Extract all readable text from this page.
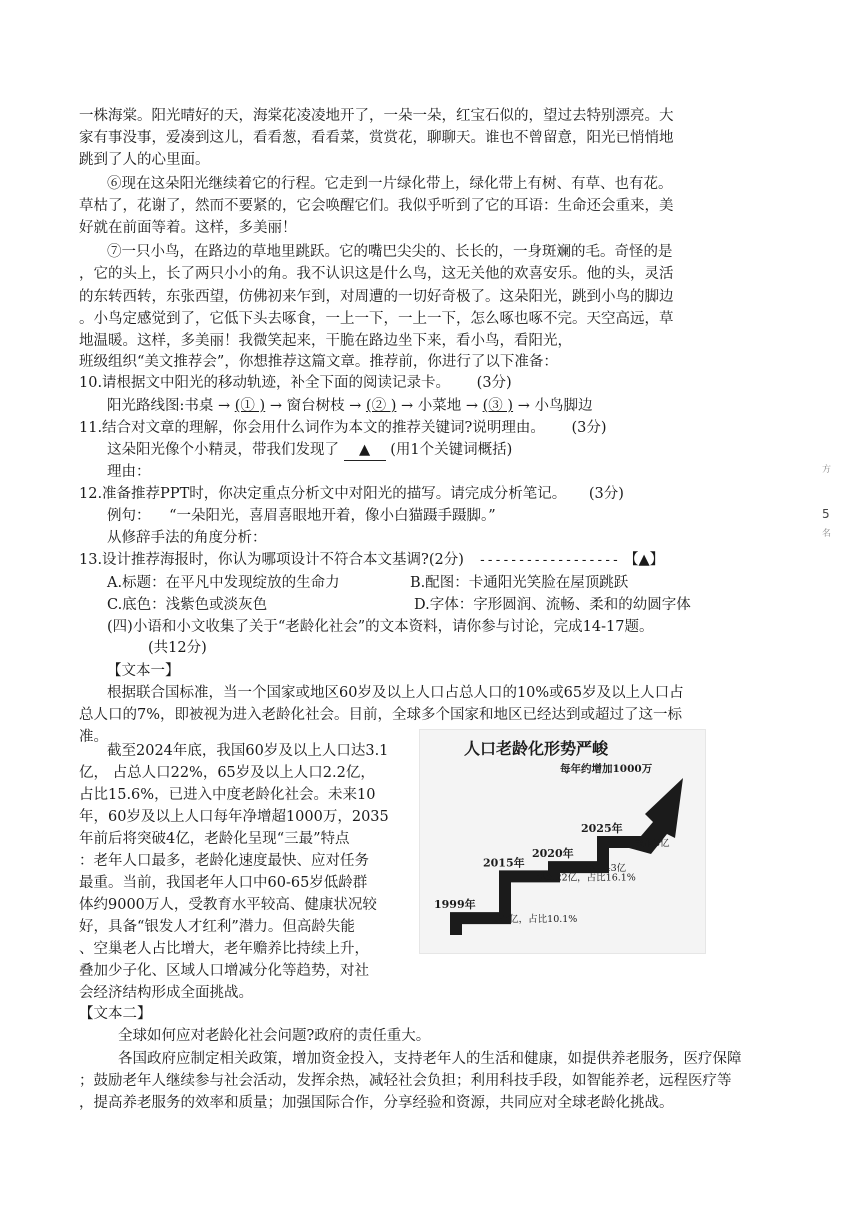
一株海棠。阳光晴好的天，海棠花凌凌地开了，一朵一朵，红宝石似的，望过去特别漂亮。大
家有事没事，爱凑到这儿，看看葱，看看菜，赏赏花，聊聊天。谁也不曾留意，阳光已悄悄地
跳到了人的心里面。
⑥现在这朵阳光继续着它的行程。它走到一片绿化带上，绿化带上有树、有草、也有花。
草枯了，花谢了，然而不要紧的，它会唤醒它们。我似乎听到了它的耳语：生命还会重来，美
好就在前面等着。这样，多美丽！
⑦一只小鸟，在路边的草地里跳跃。它的嘴巴尖尖的、长长的，一身斑斓的毛。奇怪的是
，它的头上，长了两只小小的角。我不认识这是什么鸟，这无关他的欢喜安乐。他的头，灵活
的东转西转，东张西望，仿佛初来乍到，对周遭的一切好奇极了。这朵阳光，跳到小鸟的脚边
。小鸟定感觉到了，它低下头去啄食，一上一下，一上一下，怎么啄也啄不完。天空高远，草
地温暖。这样，多美丽！我微笑起来，干脆在路边坐下来，看小鸟，看阳光，
班级组织“美文推荐会”，你想推荐这篇文章。推荐前，你进行了以下准备：
10.请根据文中阳光的移动轨迹，补全下面的阅读记录卡。 (3分)
阳光路线图:书桌 → (① ) → 窗台树枝 → (② ) → 小菜地 → (③ ) → 小鸟脚边
11.结合对文章的理解，你会用什么词作为本文的推荐关键词?说明理由。 (3分)
这朵阳光像个小精灵，带我们发现了 ▲ (用1个关键词概括)
理由：
12.准备推荐PPT时，你决定重点分析文中对阳光的描写。请完成分析笔记。 (3分)
例句： “一朵阳光，喜眉喜眼地开着，像小白猫蹑手蹑脚。”
从修辞手法的角度分析：
13.设计推荐海报时，你认为哪项设计不符合本文基调?(2分) ------------------ 【▲】
A.标题：在平凡中发现绽放的生命力	B.配图：卡通阳光笑脸在屋顶跳跃
C.底色：浅紫色或淡灰色	D.字体：字形圆润、流畅、柔和的幼圆字体
(四)小语和小文收集了关于“老龄化社会”的文本资料，请你参与讨论，完成14-17题。
(共12分)
【文本一】
根据联合国标准，当一个国家或地区60岁及以上人口占总人口的10%或65岁及以上人口占
总人口的7%，即被视为进入老龄化社会。目前，全球多个国家和地区已经达到或超过了这一标
准。
截至2024年底，我国60岁及以上人口达3.1
亿， 占总人口22%，65岁及以上人口2.2亿，
占比15.6%，已进入中度老龄化社会。未来10
年，60岁及以上人口每年净增超1000万，2035
年前后将突破4亿，老龄化呈现“三最”特点
：老年人口最多，老龄化速度最快、应对任务
最重。当前，我国老年人口中60-65岁低龄群
体约9000万人，受教育水平较高、健康状况较
好，具备“银发人才红利”潜力。但高龄失能
、空巢老人占比增大，老年赡养比持续上升，
叠加少子化、区域人口增减分化等趋势，对社
会经济结构形成全面挑战。
人口老龄化形势严峻
1999年
1.27亿，占比10.1%
2015年
达2.22亿，占比16.1%
2020年
达2.43亿
2025年
突破3亿
每年约增加1000万
【文本二】
全球如何应对老龄化社会问题?政府的责任重大。
各国政府应制定相关政策，增加资金投入，支持老年人的生活和健康，如提供养老服务，医疗保障
；鼓励老年人继续参与社会活动，发挥余热，减轻社会负担；利用科技手段，如智能养老，远程医疗等
，提高养老服务的效率和质量；加强国际合作，分享经验和资源，共同应对全球老龄化挑战。
方
5
名
